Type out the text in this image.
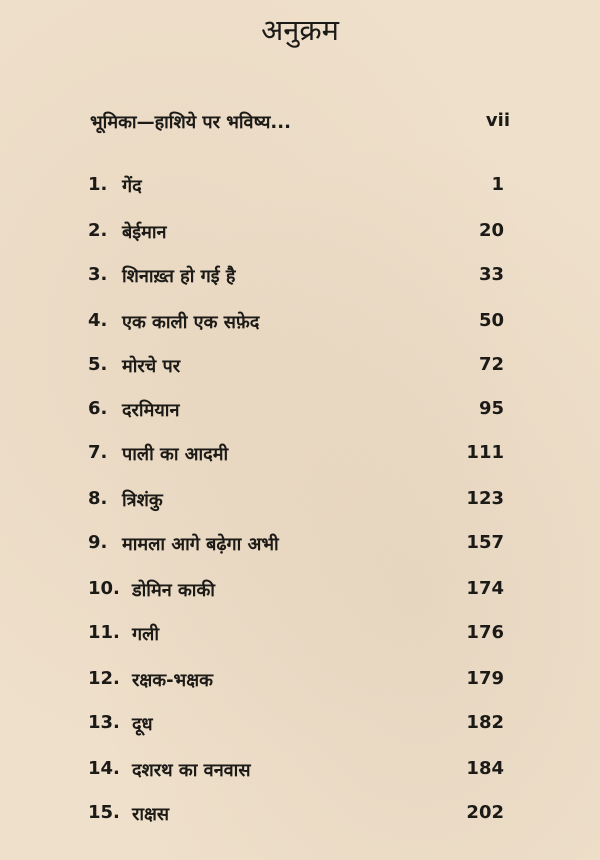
अनुक्रम
भूमिका—हाशिये पर भविष्य...	vii
1. गेंद	1
2. बेईमान	20
3. शिनाख़्त हो गई है	33
4. एक काली एक सफ़ेद	50
5. मोरचे पर	72
6. दरमियान	95
7. पाली का आदमी	111
8. त्रिशंकु	123
9. मामला आगे बढ़ेगा अभी	157
10. डोमिन काकी	174
11. गली	176
12. रक्षक-भक्षक	179
13. दूध	182
14. दशरथ का वनवास	184
15. राक्षस	202
